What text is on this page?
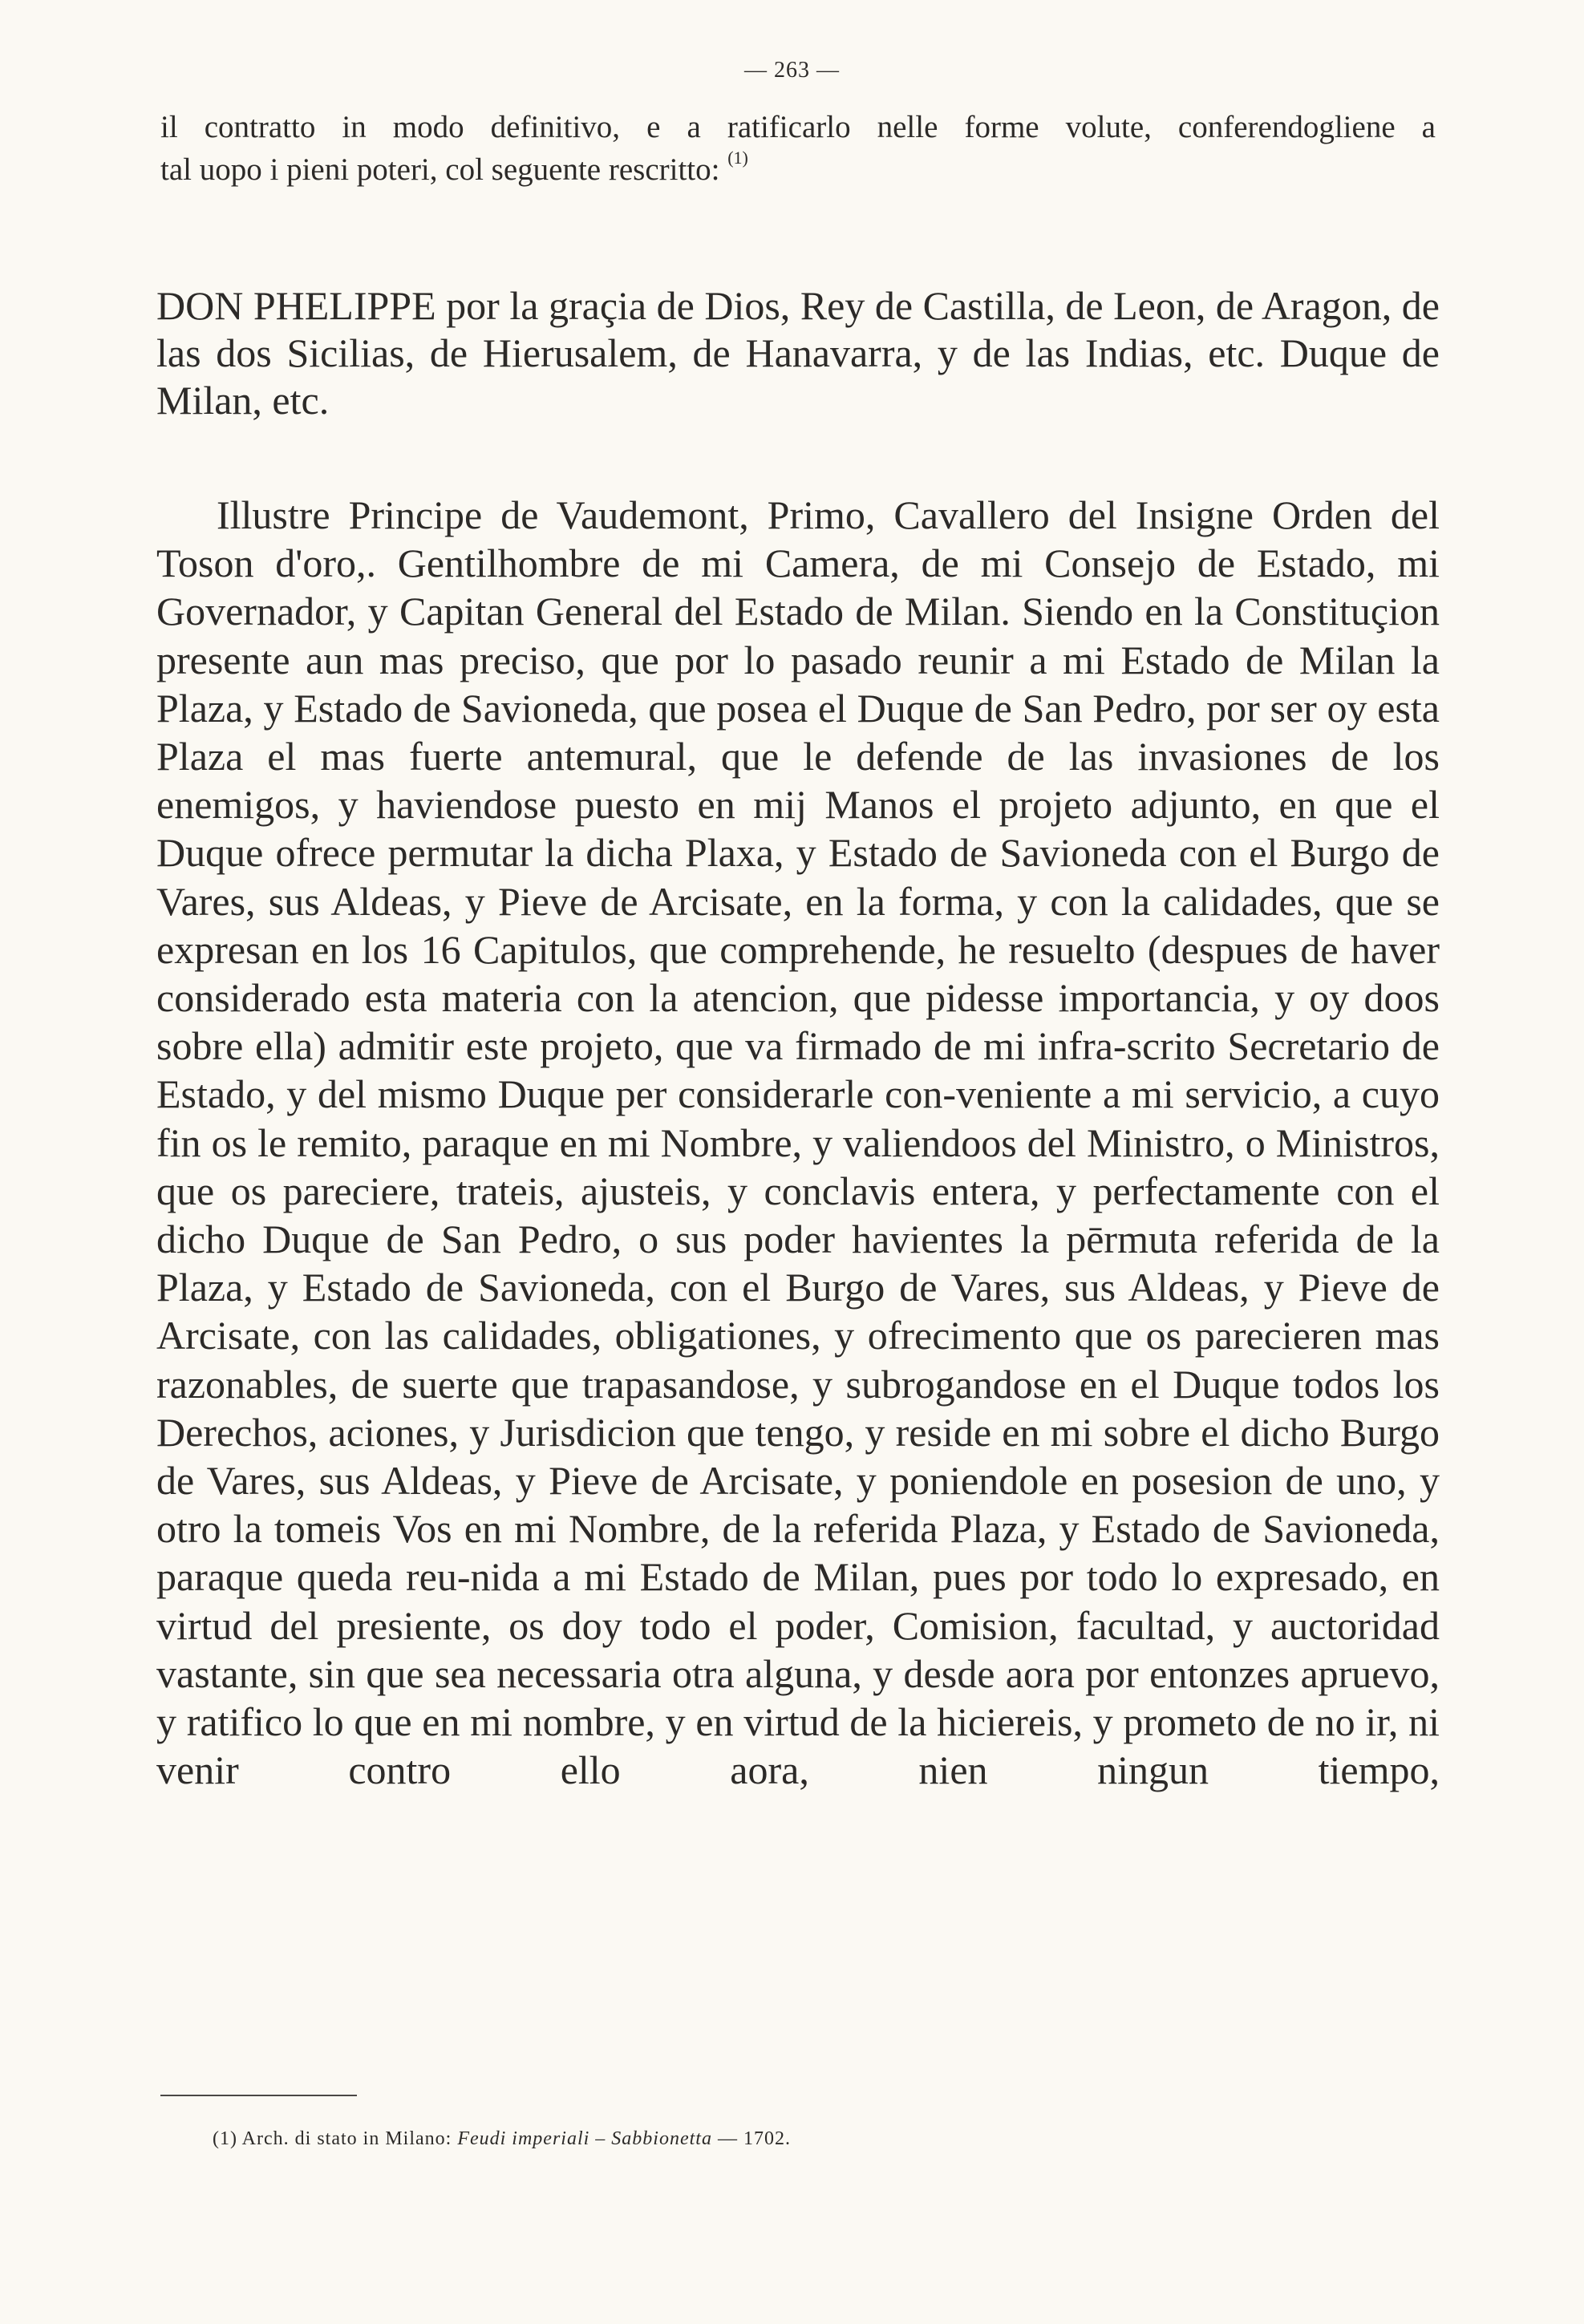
— 263 —

il contratto in modo definitivo, e a ratificarlo nelle forme volute, conferendogliene a

tal uopo i pieni poteri, col seguente rescritto: $^{(1)}$

DON PHELIPPE por la graçia de Dios, Rey de Castilla, de Leon, de Aragon, de las dos Sicilias, de Hierusalem, de Hanavarra, y de las Indias, etc. Duque de Milan, etc.

Illustre Principe de Vaudemont, Primo, Cavallero del Insigne Orden del Toson d'oro,. Gentilhombre de mi Camera, de mi Consejo de Estado, mi Governador, y Capitan General del Estado de Milan. Siendo en la Constituçion presente aun mas preciso, que por lo pasado reunir a mi Estado de Milan la Plaza, y Estado de Savioneda, que posea el Duque de San Pedro, por ser oy esta Plaza el mas fuerte antemural, que le defende de las invasiones de los enemigos, y haviendose puesto en mij Manos el projeto adjunto, en que el Duque ofrece permutar la dicha Plaxa, y Estado de Savioneda con el Burgo de Vares, sus Aldeas, y Pieve de Arcisate, en la forma, y con la calidades, que se expresan en los 16 Capitulos, que comprehende, he resuelto (despues de haver considerado esta materia con la atencion, que pidesse importancia, y oy doos sobre ella) admitir este projeto, que va firmado de mi infra-scrito Secretario de Estado, y del mismo Duque per considerarle con-veniente a mi servicio, a cuyo fin os le remito, paraque en mi Nombre, y valiendoos del Ministro, o Ministros, que os pareciere, trateis, ajusteis, y conclavis entera, y perfectamente con el dicho Duque de San Pedro, o sus poder havientes la pērmuta referida de la Plaza, y Estado de Savioneda, con el Burgo de Vares, sus Aldeas, y Pieve de Arcisate, con las calidades, obligationes, y ofrecimento que os parecieren mas razonables, de suerte que trapasandose, y subrogandose en el Duque todos los Derechos, aciones, y Jurisdicion que tengo, y reside en mi sobre el dicho Burgo de Vares, sus Aldeas, y Pieve de Arcisate, y poniendole en posesion de uno, y otro la tomeis Vos en mi Nombre, de la referida Plaza, y Estado de Savioneda, paraque queda reu-nida a mi Estado de Milan, pues por todo lo expresado, en virtud del presiente, os doy todo el poder, Comision, facultad, y auctoridad vastante, sin que sea necessaria otra alguna, y desde aora por entonzes apruevo, y ratifico lo que en mi nombre, y en virtud de la hiciereis, y prometo de no ir, ni venir contro ello aora, nien ningun tiempo,

(1) Arch. di stato in Milano: Feudi imperiali – Sabbionetta — 1702.
